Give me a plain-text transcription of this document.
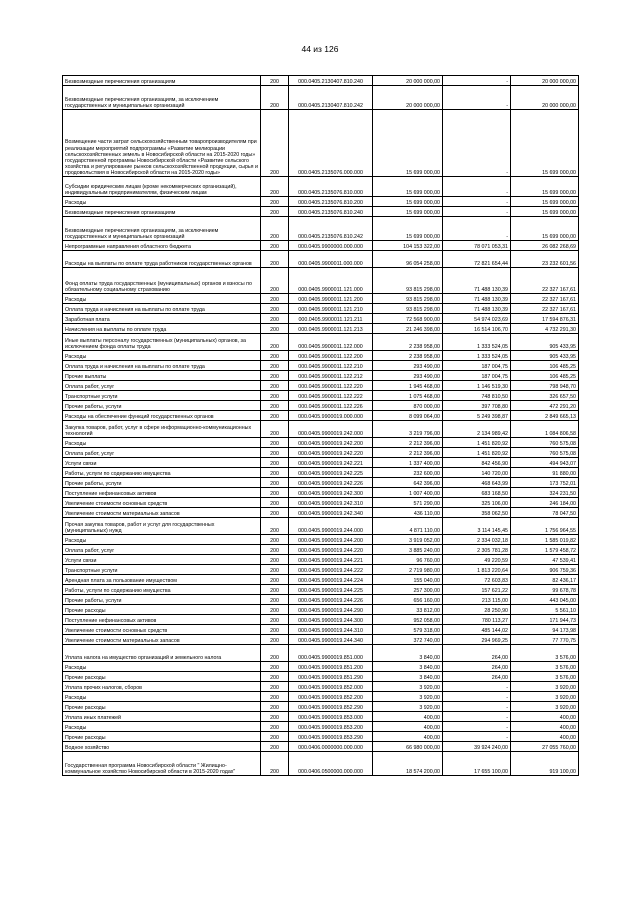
44 из 126
Безвозмездные перечисления организациям	200	000.0405.2130407.810.240	20 000 000,00	-	20 000 000,00
Безвозмездные перечисления организациям, за исключением государственных и муниципальных организаций	200	000.0405.2130407.810.242	20 000 000,00	-	20 000 000,00
Возмещение части затрат сельскохозяйственным товаропроизводителям при реализации мероприятий подпрограммы «Развитие мелиорации сельскохозяйственных земель в Новосибирской области на 2015-2020 годы» государственной программы Новосибирской области «Развитие сельского хозяйства и регулирование рынков сельскохозяйственной продукции, сырья и продовольствия в Новосибирской области на 2015-2020 годы»	200	000.0405.2135076.000.000	15 699 000,00	-	15 699 000,00
Субсидии юридическим лицам (кроме некоммерческих организаций), индивидуальным предпринимателям, физическим лицам	200	000.0405.2135076.810.000	15 699 000,00	-	15 699 000,00
Расходы	200	000.0405.2135076.810.200	15 699 000,00	-	15 699 000,00
Безвозмездные перечисления организациям	200	000.0405.2135076.810.240	15 699 000,00	-	15 699 000,00
Безвозмездные перечисления организациям, за исключением государственных и муниципальных организаций	200	000.0405.2135076.810.242	15 699 000,00	-	15 699 000,00
Непрограммные направления областного бюджета	200	000.0405.9900000.000.000	104 153 322,00	78 071 053,31	26 082 268,69
Расходы на выплаты по оплате труда работников государственных органов	200	000.0405.9900011.000.000	96 054 258,00	72 821 654,44	23 232 601,56
Фонд оплаты труда государственных (муниципальных) органов и взносы по обязательному социальному страхованию	200	000.0405.9900011.121.000	93 815 298,00	71 488 130,39	22 327 167,61
Расходы	200	000.0405.9900011.121.200	93 815 298,00	71 488 130,39	22 327 167,61
Оплата труда и начисления на выплаты по оплате труда	200	000.0405.9900011.121.210	93 815 298,00	71 488 130,39	22 327 167,61
Заработная плата	200	000.0405.9900011.121.211	72 568 900,00	54 974 023,69	17 594 876,31
Начисления на выплаты по оплате труда	200	000.0405.9900011.121.213	21 246 398,00	16 514 106,70	4 732 291,30
Иные выплаты персоналу государственных (муниципальных) органов, за исключением фонда оплаты труда	200	000.0405.9900011.122.000	2 238 958,00	1 333 524,05	905 433,95
Расходы	200	000.0405.9900011.122.200	2 238 958,00	1 333 524,05	905 433,95
Оплата труда и начисления на выплаты по оплате труда	200	000.0405.9900011.122.210	293 490,00	187 004,75	106 485,25
Прочие выплаты	200	000.0405.9900011.122.212	293 490,00	187 004,75	106 485,25
Оплата работ, услуг	200	000.0405.9900011.122.220	1 945 468,00	1 146 519,30	798 948,70
Транспортные услуги	200	000.0405.9900011.122.222	1 075 468,00	748 810,50	326 657,50
Прочие работы, услуги	200	000.0405.9900011.122.226	870 000,00	397 708,80	472 291,20
Расходы на обеспечение функций государственных органов	200	000.0405.9900019.000.000	8 099 064,00	5 249 398,87	2 849 665,13
Закупка товаров, работ, услуг в сфере информационно-коммуникационных технологий	200	000.0405.9900019.242.000	3 219 796,00	2 134 989,42	1 084 806,58
Расходы	200	000.0405.9900019.242.200	2 212 396,00	1 451 820,92	760 575,08
Оплата работ, услуг	200	000.0405.9900019.242.220	2 212 396,00	1 451 820,92	760 575,08
Услуги связи	200	000.0405.9900019.242.221	1 337 400,00	842 456,90	494 943,07
Работы, услуги по содержанию имущества	200	000.0405.9900019.242.225	232 600,00	140 720,00	91 880,00
Прочие работы, услуги	200	000.0405.9900019.242.226	642 396,00	468 643,99	173 752,01
Поступление нефинансовых активов	200	000.0405.9900019.242.300	1 007 400,00	683 168,50	324 231,50
Увеличение стоимости основных средств	200	000.0405.9900019.242.310	571 290,00	325 106,00	246 184,00
Увеличение стоимости материальных запасов	200	000.0405.9900019.242.340	436 110,00	358 062,50	78 047,50
Прочая закупка товаров, работ и услуг для государственных (муниципальных) нужд	200	000.0405.9900019.244.000	4 871 110,00	3 114 145,45	1 756 964,55
Расходы	200	000.0405.9900019.244.200	3 919 052,00	2 334 032,18	1 585 019,82
Оплата работ, услуг	200	000.0405.9900019.244.220	3 885 240,00	2 305 781,28	1 579 458,72
Услуги связи	200	000.0405.9900019.244.221	96 760,00	49 220,59	47 539,41
Транспортные услуги	200	000.0405.9900019.244.222	2 719 980,00	1 813 220,64	906 759,36
Арендная плата за пользование имуществом	200	000.0405.9900019.244.224	155 040,00	72 603,83	82 436,17
Работы, услуги по содержанию имущества	200	000.0405.9900019.244.225	257 300,00	157 621,22	99 678,78
Прочие работы, услуги	200	000.0405.9900019.244.226	656 160,00	213 115,00	443 045,00
Прочие расходы	200	000.0405.9900019.244.290	33 812,00	28 250,90	5 561,10
Поступление нефинансовых активов	200	000.0405.9900019.244.300	952 058,00	780 113,27	171 944,73
Увеличение стоимости основных средств	200	000.0405.9900019.244.310	579 318,00	485 144,02	94 173,98
Увеличение стоимости материальных запасов	200	000.0405.9900019.244.340	372 740,00	294 969,25	77 770,75
Уплата налога на имущество организаций и земельного налога	200	000.0405.9900019.851.000	3 840,00	264,00	3 576,00
Расходы	200	000.0405.9900019.851.200	3 840,00	264,00	3 576,00
Прочие расходы	200	000.0405.9900019.851.290	3 840,00	264,00	3 576,00
Уплата прочих налогов, сборов	200	000.0405.9900019.852.000	3 920,00	-	3 920,00
Расходы	200	000.0405.9900019.852.200	3 920,00	-	3 920,00
Прочие расходы	200	000.0405.9900019.852.290	3 920,00	-	3 920,00
Уплата иных платежей	200	000.0405.9900019.853.000	400,00	-	400,00
Расходы	200	000.0405.9900019.853.200	400,00	-	400,00
Прочие расходы	200	000.0405.9900019.853.290	400,00	-	400,00
Водное хозяйство	200	000.0406.0000000.000.000	66 980 000,00	39 924 240,00	27 055 760,00
Государственная программа Новосибирской области " Жилищно-коммунальное хозяйство Новосибирской области в 2015-2020 годах"	200	000.0406.0500000.000.000	18 574 200,00	17 655 100,00	919 100,00
